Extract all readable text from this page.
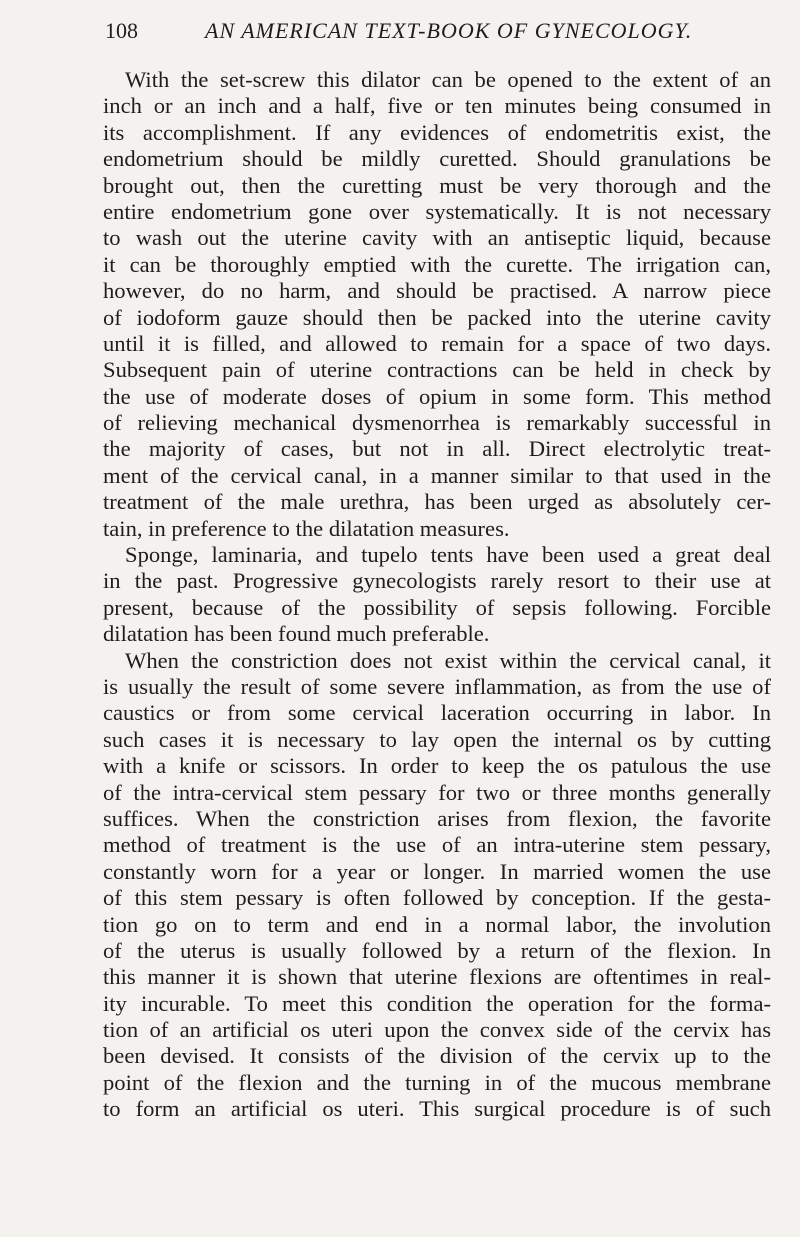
108	AN AMERICAN TEXT-BOOK OF GYNECOLOGY.
With the set-screw this dilator can be opened to the extent of an
inch or an inch and a half, five or ten minutes being consumed in
its accomplishment. If any evidences of endometritis exist, the
endometrium should be mildly curetted. Should granulations be
brought out, then the curetting must be very thorough and the
entire endometrium gone over systematically. It is not necessary
to wash out the uterine cavity with an antiseptic liquid, because
it can be thoroughly emptied with the curette. The irrigation can,
however, do no harm, and should be practised. A narrow piece
of iodoform gauze should then be packed into the uterine cavity
until it is filled, and allowed to remain for a space of two days.
Subsequent pain of uterine contractions can be held in check by
the use of moderate doses of opium in some form. This method
of relieving mechanical dysmenorrhea is remarkably successful in
the majority of cases, but not in all. Direct electrolytic treat-
ment of the cervical canal, in a manner similar to that used in the
treatment of the male urethra, has been urged as absolutely cer-
tain, in preference to the dilatation measures.
Sponge, laminaria, and tupelo tents have been used a great deal
in the past. Progressive gynecologists rarely resort to their use at
present, because of the possibility of sepsis following. Forcible
dilatation has been found much preferable.
When the constriction does not exist within the cervical canal, it
is usually the result of some severe inflammation, as from the use of
caustics or from some cervical laceration occurring in labor. In
such cases it is necessary to lay open the internal os by cutting
with a knife or scissors. In order to keep the os patulous the use
of the intra-cervical stem pessary for two or three months generally
suffices. When the constriction arises from flexion, the favorite
method of treatment is the use of an intra-uterine stem pessary,
constantly worn for a year or longer. In married women the use
of this stem pessary is often followed by conception. If the gesta-
tion go on to term and end in a normal labor, the involution
of the uterus is usually followed by a return of the flexion. In
this manner it is shown that uterine flexions are oftentimes in real-
ity incurable. To meet this condition the operation for the forma-
tion of an artificial os uteri upon the convex side of the cervix has
been devised. It consists of the division of the cervix up to the
point of the flexion and the turning in of the mucous membrane
to form an artificial os uteri. This surgical procedure is of such
